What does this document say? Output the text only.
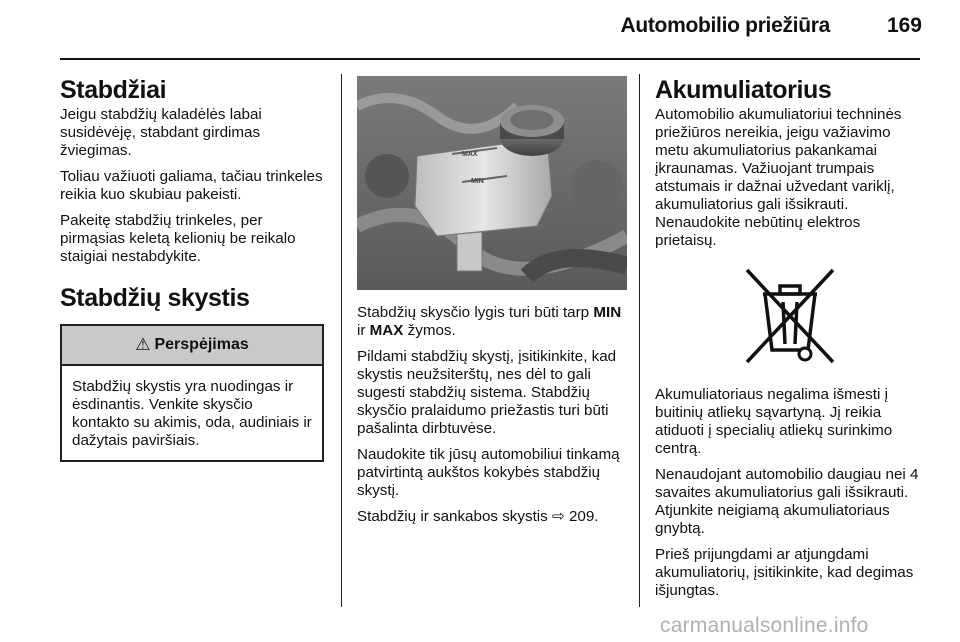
Automobilio priežiūra	169
Stabdžiai

Jeigu stabdžių kaladėlės labai susidėvėję, stabdant girdimas žviegimas.

Toliau važiuoti galiama, tačiau trinkeles reikia kuo skubiau pakeisti.

Pakeitę stabdžių trinkeles, per pirmąsias keletą kelionių be reikalo staigiai nestabdykite.

Stabdžių skystis
⚠ Perspėjimas
Stabdžių skystis yra nuodingas ir ėsdinantis. Venkite skysčio kontakto su akimis, oda, audiniais ir dažytais paviršiais.
MAX
MIN

Stabdžių skysčio lygis turi būti tarp MIN ir MAX žymos.

Pildami stabdžių skystį, įsitikinkite, kad skystis neužsiterštų, nes dėl to gali sugesti stabdžių sistema. Stabdžių skysčio pralaidumo priežastis turi būti pašalinta dirbtuvėse.

Naudokite tik jūsų automobiliui tinkamą patvirtintą aukštos kokybės stabdžių skystį.

Stabdžių ir sankabos skystis ⇨ 209.

Akumuliatorius

Automobilio akumuliatoriui techninės priežiūros nereikia, jeigu važiavimo metu akumuliatorius pakankamai įkraunamas. Važiuojant trumpais atstumais ir dažnai užvedant variklį, akumuliatorius gali išsikrauti. Nenaudokite nebūtinų elektros prietaisų.

Akumuliatoriaus negalima išmesti į buitinių atliekų sąvartyną. Jį reikia atiduoti į specialių atliekų surinkimo centrą.

Nenaudojant automobilio daugiau nei 4 savaites akumuliatorius gali išsikrauti. Atjunkite neigiamą akumuliatoriaus gnybtą.

Prieš prijungdami ar atjungdami akumuliatorių, įsitikinkite, kad degimas išjungtas.

carmanualsonline.info
